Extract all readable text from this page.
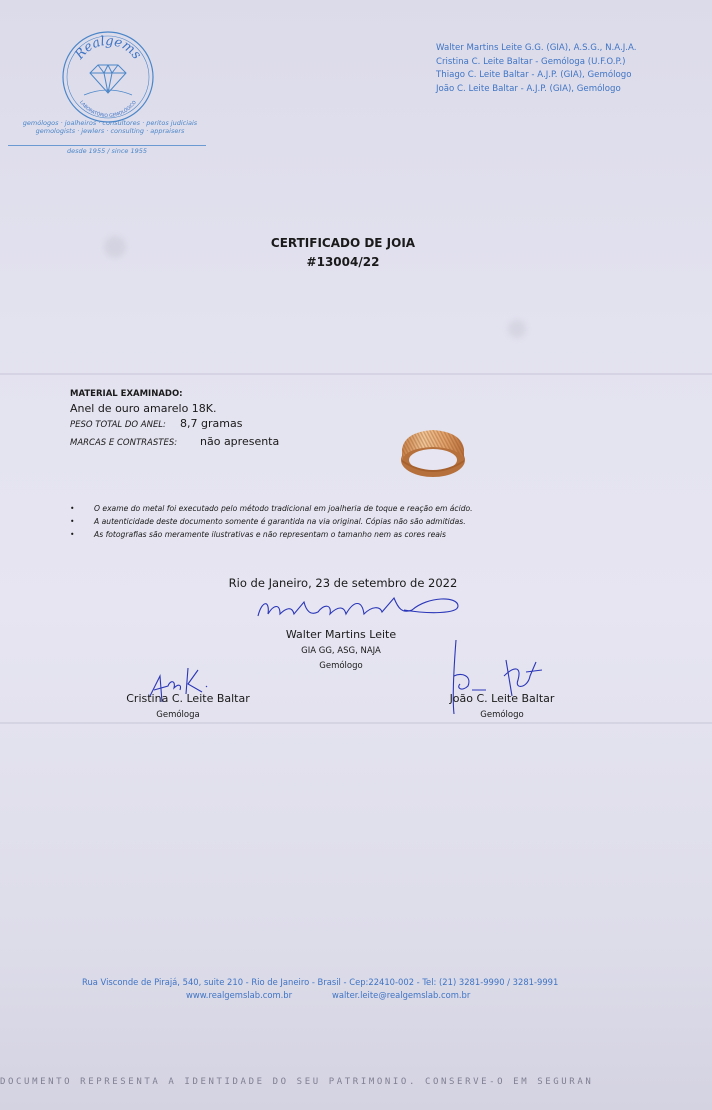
Realgems
LABORATÓRIO GEMOLÓGICO
gemólogos · joalheiros · consultores · peritos judiciais
gemologists · jewlers · consulting · appraisers
desde 1955 / since 1955
Walter Martins Leite G.G. (GIA), A.S.G., N.A.J.A.
Cristina C. Leite Baltar - Gemóloga (U.F.O.P.)
Thiago C. Leite Baltar - A.J.P. (GIA), Gemólogo
João C. Leite Baltar - A.J.P. (GIA), Gemólogo
CERTIFICADO DE JOIA
#13004/22
MATERIAL EXAMINADO:
Anel de ouro amarelo 18K.
PESO TOTAL DO ANEL: 8,7 gramas
MARCAS E CONTRASTES: não apresenta
• O exame do metal foi executado pelo método tradicional em joalheria de toque e reação em ácido.
• A autenticidade deste documento somente é garantida na via original. Cópias não são admitidas.
• As fotografias são meramente ilustrativas e não representam o tamanho nem as cores reais
Rio de Janeiro, 23 de setembro de 2022
Walter Martins Leite
GIA GG, ASG, NAJA
Gemólogo
Cristina C. Leite Baltar
Gemóloga
João C. Leite Baltar
Gemólogo
Rua Visconde de Pirajá, 540, suite 210 - Rio de Janeiro - Brasil - Cep:22410-002 - Tel: (21) 3281-9990 / 3281-9991
www.realgemslab.com.br	walter.leite@realgemslab.com.br
DOCUMENTO REPRESENTA A IDENTIDADE DO SEU PATRIMÔNIO. CONSERVE-O EM SEGURAN
